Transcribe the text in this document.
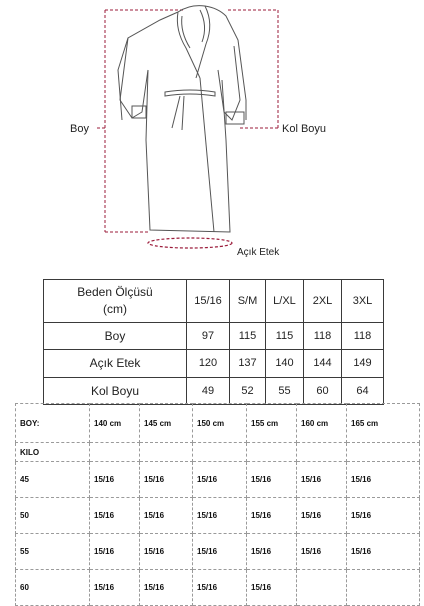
Boy	Kol Boyu
Açık Etek
Beden Ölçüsü
(cm)	15/16	S/M	L/XL	2XL	3XL
Boy	97	115	115	118	118
Açık Etek	120	137	140	144	149
Kol Boyu	49	52	55	60	64
BOY:	140 cm	145 cm	150 cm	155 cm	160 cm	165 cm
KILO						
45	15/16	15/16	15/16	15/16	15/16	15/16
50	15/16	15/16	15/16	15/16	15/16	15/16
55	15/16	15/16	15/16	15/16	15/16	15/16
60	15/16	15/16	15/16	15/16		
